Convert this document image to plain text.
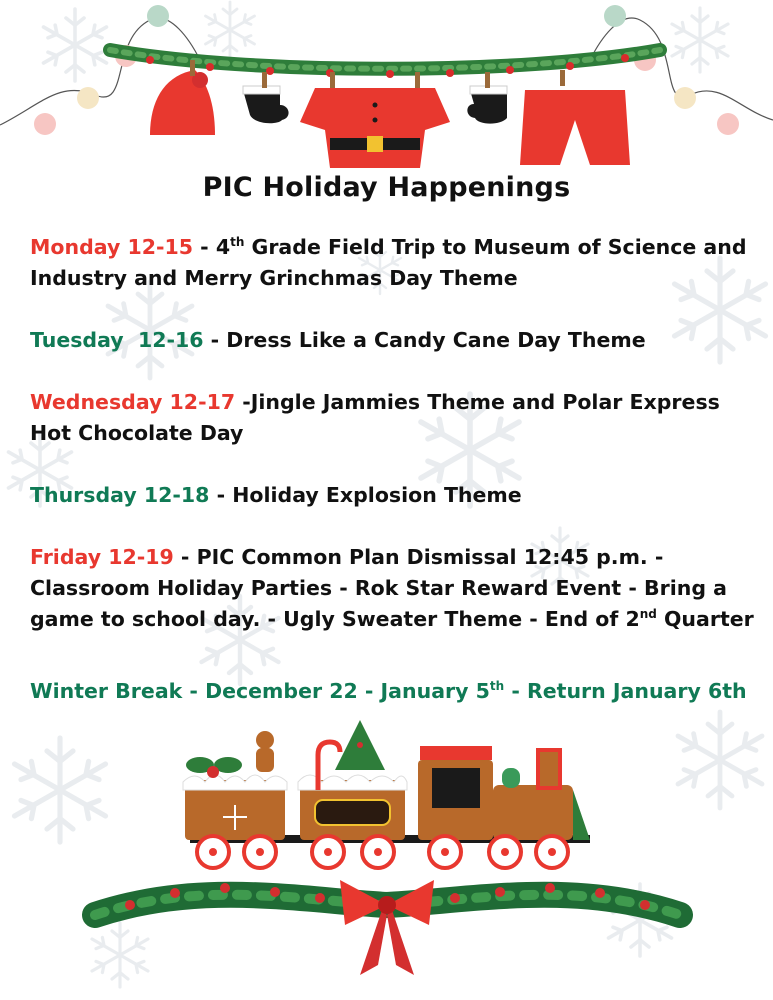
PIC Holiday Happenings
Monday 12-15 - 4th Grade Field Trip to Museum of Science and Industry and Merry Grinchmas Day Theme
Tuesday  12-16 - Dress Like a Candy Cane Day Theme
Wednesday 12-17 -Jingle Jammies Theme and Polar Express Hot Chocolate Day
Thursday 12-18 - Holiday Explosion Theme
Friday 12-19 - PIC Common Plan Dismissal 12:45 p.m. - Classroom Holiday Parties - Rok Star Reward Event - Bring a game to school day. - Ugly Sweater Theme - End of 2nd Quarter
Winter Break - December 22 - January 5th - Return January 6th
